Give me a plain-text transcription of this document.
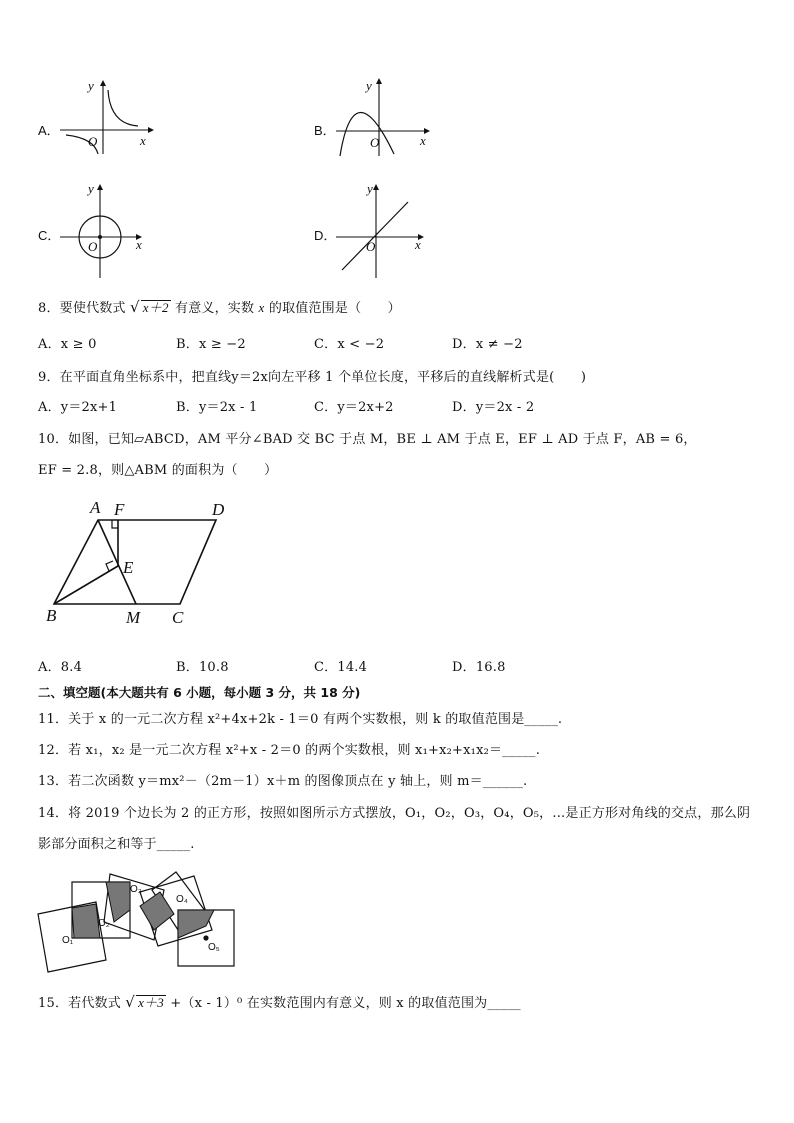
A．
y
x
O
B．
y
x
O
C．
y
x
O
D．
y
x
O
8．要使代数式 √ x＋2 有意义，实数 x 的取值范围是（　　）
A．x ≥ 0	B．x ≥ −2	C．x < −2	D．x ≠ −2
9．在平面直角坐标系中，把直线y＝2x向左平移 1 个单位长度，平移后的直线解析式是(　　)
A．y＝2x+1	B．y＝2x - 1	C．y＝2x+2	D．y＝2x - 2
10．如图，已知▱ABCD，AM 平分∠BAD 交 BC 于点 M，BE ⊥ AM 于点 E，EF ⊥ AD 于点 F，AB = 6，
EF = 2.8，则△ABM 的面积为（　　）
A F	D
E
B	M C
A．8.4	B．10.8	C．14.4	D．16.8
二、填空题(本大题共有 6 小题，每小题 3 分，共 18 分)
11．关于 x 的一元二次方程 x²+4x+2k - 1＝0 有两个实数根，则 k 的取值范围是_____.
12．若 x₁，x₂ 是一元二次方程 x²+x - 2＝0 的两个实数根，则 x₁+x₂+x₁x₂＝_____.
13．若二次函数 y＝mx²－（2m－1）x＋m 的图像顶点在 y 轴上，则 m＝______.
14．将 2019 个边长为 2 的正方形，按照如图所示方式摆放，O₁，O₂，O₃，O₄，O₅，...是正方形对角线的交点，那么阴
影部分面积之和等于_____.
O₁
O₂
O₃
O₄
O₅
15．若代数式 √ x＋3 +（x - 1）⁰ 在实数范围内有意义，则 x 的取值范围为_____
